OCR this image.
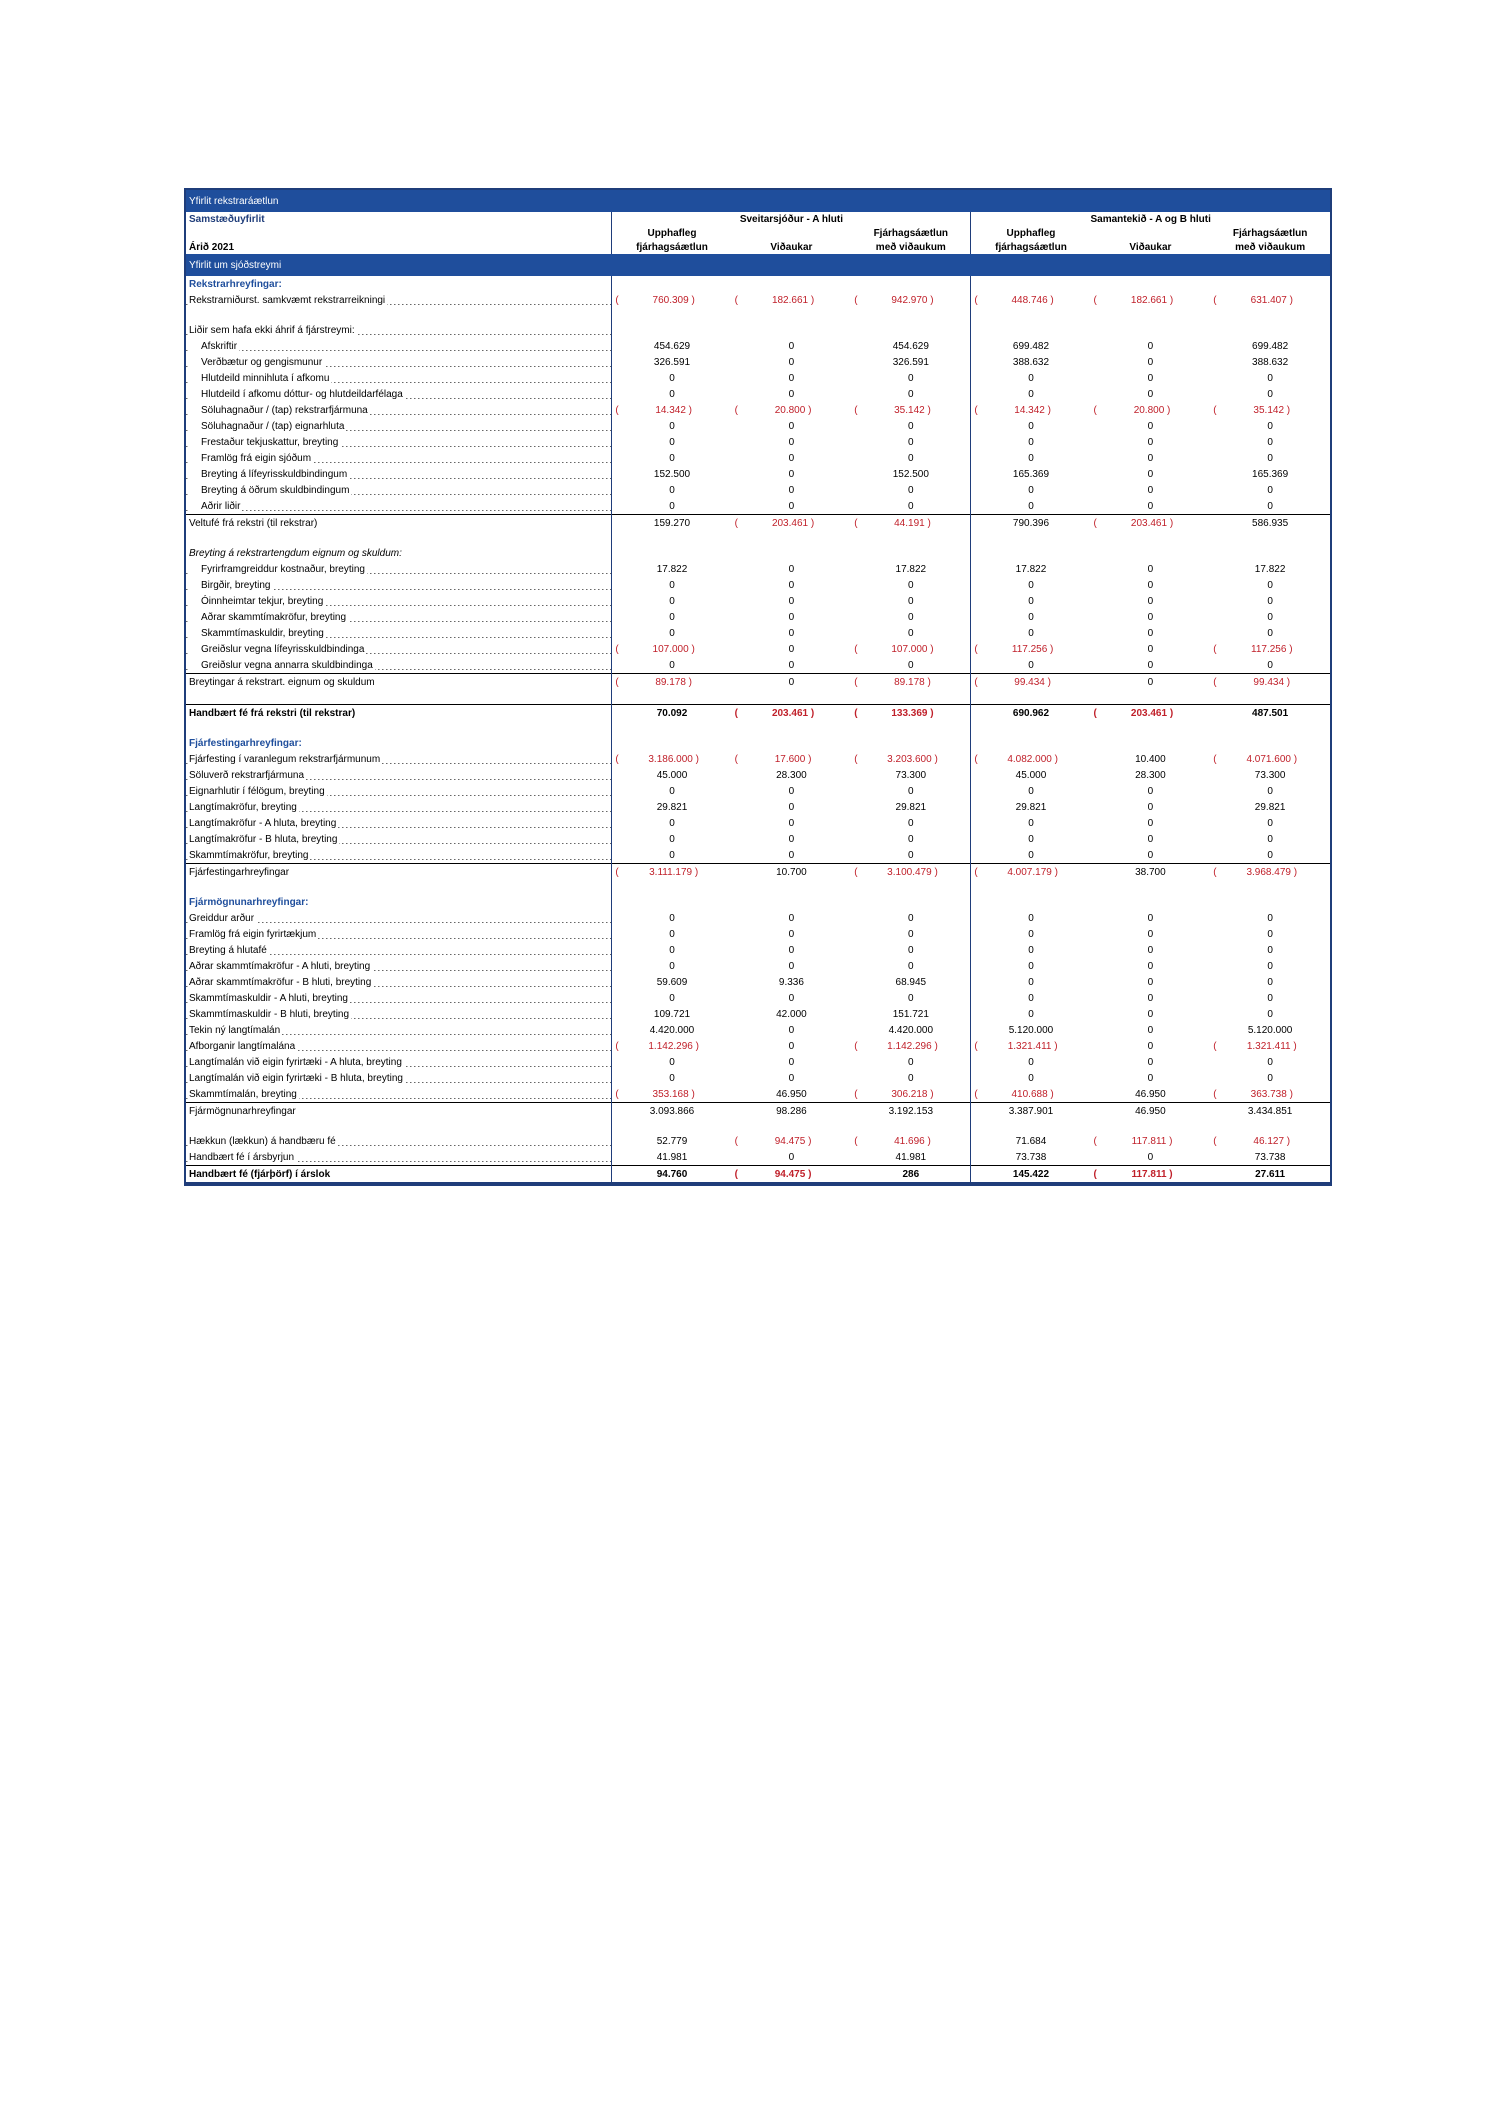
Yfirlit rekstraráætlun						
Samstæðuyfirlit	Sveitarsjóður - A hluti			Samantekið - A og B hluti		
	Upphafleg		Fjárhagsáætlun	Upphafleg		Fjárhagsáætlun
Árið 2021	fjárhagsáætlun	Viðaukar	með viðaukum	fjárhagsáætlun	Viðaukar	með viðaukum
Yfirlit um sjóðstreymi						
Rekstrarhreyfingar:						
Rekstrarniðurst. samkvæmt rekstrarreikningi	( 760.309 )	( 182.661 )	( 942.970 )	( 448.746 )	( 182.661 )	( 631.407 )

Liðir sem hafa ekki áhrif á fjárstreymi:						
Afskriftir	454.629	0	454.629	699.482	0	699.482
Verðbætur og gengismunur	326.591	0	326.591	388.632	0	388.632
Hlutdeild minnihluta í afkomu	0	0	0	0	0	0
Hlutdeild í afkomu dóttur- og hlutdeildarfélaga	0	0	0	0	0	0
Söluhagnaður / (tap) rekstrarfjármuna	( 14.342 )	( 20.800 )	( 35.142 )	( 14.342 )	( 20.800 )	( 35.142 )
Söluhagnaður / (tap) eignarhluta	0	0	0	0	0	0
Frestaður tekjuskattur, breyting	0	0	0	0	0	0
Framlög frá eigin sjóðum	0	0	0	0	0	0
Breyting á lífeyrisskuldbindingum	152.500	0	152.500	165.369	0	165.369
Breyting á öðrum skuldbindingum	0	0	0	0	0	0
Aðrir liðir	0	0	0	0	0	0
Veltufé frá rekstri (til rekstrar)	159.270	( 203.461 )	( 44.191 )	790.396	( 203.461 )	586.935

Breyting á rekstrartengdum eignum og skuldum:						
Fyrirframgreiddur kostnaður, breyting	17.822	0	17.822	17.822	0	17.822
Birgðir, breyting	0	0	0	0	0	0
Óinnheimtar tekjur, breyting	0	0	0	0	0	0
Aðrar skammtímakröfur, breyting	0	0	0	0	0	0
Skammtímaskuldir, breyting	0	0	0	0	0	0
Greiðslur vegna lífeyrisskuldbindinga	( 107.000 )	0	( 107.000 )	( 117.256 )	0	( 117.256 )
Greiðslur vegna annarra skuldbindinga	0	0	0	0	0	0
Breytingar á rekstrart. eignum og skuldum	( 89.178 )	0	( 89.178 )	( 99.434 )	0	( 99.434 )

Handbært fé frá rekstri (til rekstrar)	70.092	( 203.461 )	( 133.369 )	690.962	( 203.461 )	487.501

Fjárfestingarhreyfingar:						
Fjárfesting í varanlegum rekstrarfjármunum	( 3.186.000 )	( 17.600 )	( 3.203.600 )	( 4.082.000 )	10.400	( 4.071.600 )
Söluverð rekstrarfjármuna	45.000	28.300	73.300	45.000	28.300	73.300
Eignarhlutir í félögum, breyting	0	0	0	0	0	0
Langtímakröfur, breyting	29.821	0	29.821	29.821	0	29.821
Langtímakröfur - A hluta, breyting	0	0	0	0	0	0
Langtímakröfur - B hluta, breyting	0	0	0	0	0	0
Skammtímakröfur, breyting	0	0	0	0	0	0
Fjárfestingarhreyfingar	( 3.111.179 )	10.700	( 3.100.479 )	( 4.007.179 )	38.700	( 3.968.479 )

Fjármögnunarhreyfingar:						
Greiddur arður	0	0	0	0	0	0
Framlög frá eigin fyrirtækjum	0	0	0	0	0	0
Breyting á hlutafé	0	0	0	0	0	0
Aðrar skammtímakröfur - A hluti, breyting	0	0	0	0	0	0
Aðrar skammtímakröfur - B hluti, breyting	59.609	9.336	68.945	0	0	0
Skammtímaskuldir - A hluti, breyting	0	0	0	0	0	0
Skammtímaskuldir - B hluti, breyting	109.721	42.000	151.721	0	0	0
Tekin ný langtímalán	4.420.000	0	4.420.000	5.120.000	0	5.120.000
Afborganir langtímalána	( 1.142.296 )	0	( 1.142.296 )	( 1.321.411 )	0	( 1.321.411 )
Langtímalán við eigin fyrirtæki - A hluta, breyting	0	0	0	0	0	0
Langtímalán við eigin fyrirtæki - B hluta, breyting	0	0	0	0	0	0
Skammtímalán, breyting	( 353.168 )	46.950	( 306.218 )	( 410.688 )	46.950	( 363.738 )
Fjármögnunarhreyfingar	3.093.866	98.286	3.192.153	3.387.901	46.950	3.434.851

Hækkun (lækkun) á handbæru fé	52.779	( 94.475 )	( 41.696 )	71.684	( 117.811 )	( 46.127 )
Handbært fé í ársbyrjun	41.981	0	41.981	73.738	0	73.738
Handbært fé (fjárþörf) í árslok	94.760	( 94.475 )	286	145.422	( 117.811 )	27.611
